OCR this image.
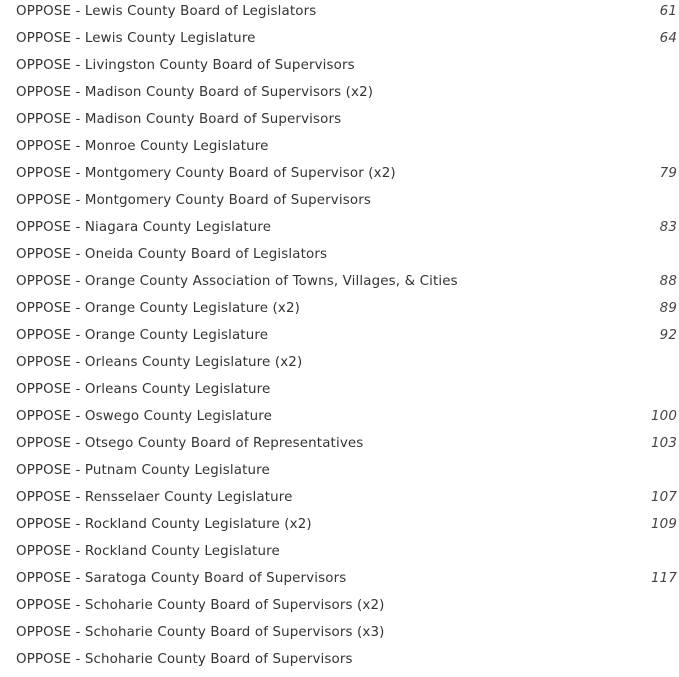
OPPOSE - Lewis County Board of Legislators	61
OPPOSE - Lewis County Legislature	64
OPPOSE - Livingston County Board of Supervisors
OPPOSE - Madison County Board of Supervisors (x2)
OPPOSE - Madison County Board of Supervisors
OPPOSE - Monroe County Legislature
OPPOSE - Montgomery County Board of Supervisor (x2)	79
OPPOSE - Montgomery County Board of Supervisors
OPPOSE - Niagara County Legislature	83
OPPOSE - Oneida County Board of Legislators
OPPOSE - Orange County Association of Towns, Villages, & Cities	88
OPPOSE - Orange County Legislature (x2)	89
OPPOSE - Orange County Legislature	92
OPPOSE - Orleans County Legislature (x2)
OPPOSE - Orleans County Legislature
OPPOSE - Oswego County Legislature	100
OPPOSE - Otsego County Board of Representatives	103
OPPOSE - Putnam County Legislature
OPPOSE - Rensselaer County Legislature	107
OPPOSE - Rockland County Legislature (x2)	109
OPPOSE - Rockland County Legislature
OPPOSE - Saratoga County Board of Supervisors	117
OPPOSE - Schoharie County Board of Supervisors (x2)
OPPOSE - Schoharie County Board of Supervisors (x3)
OPPOSE - Schoharie County Board of Supervisors
